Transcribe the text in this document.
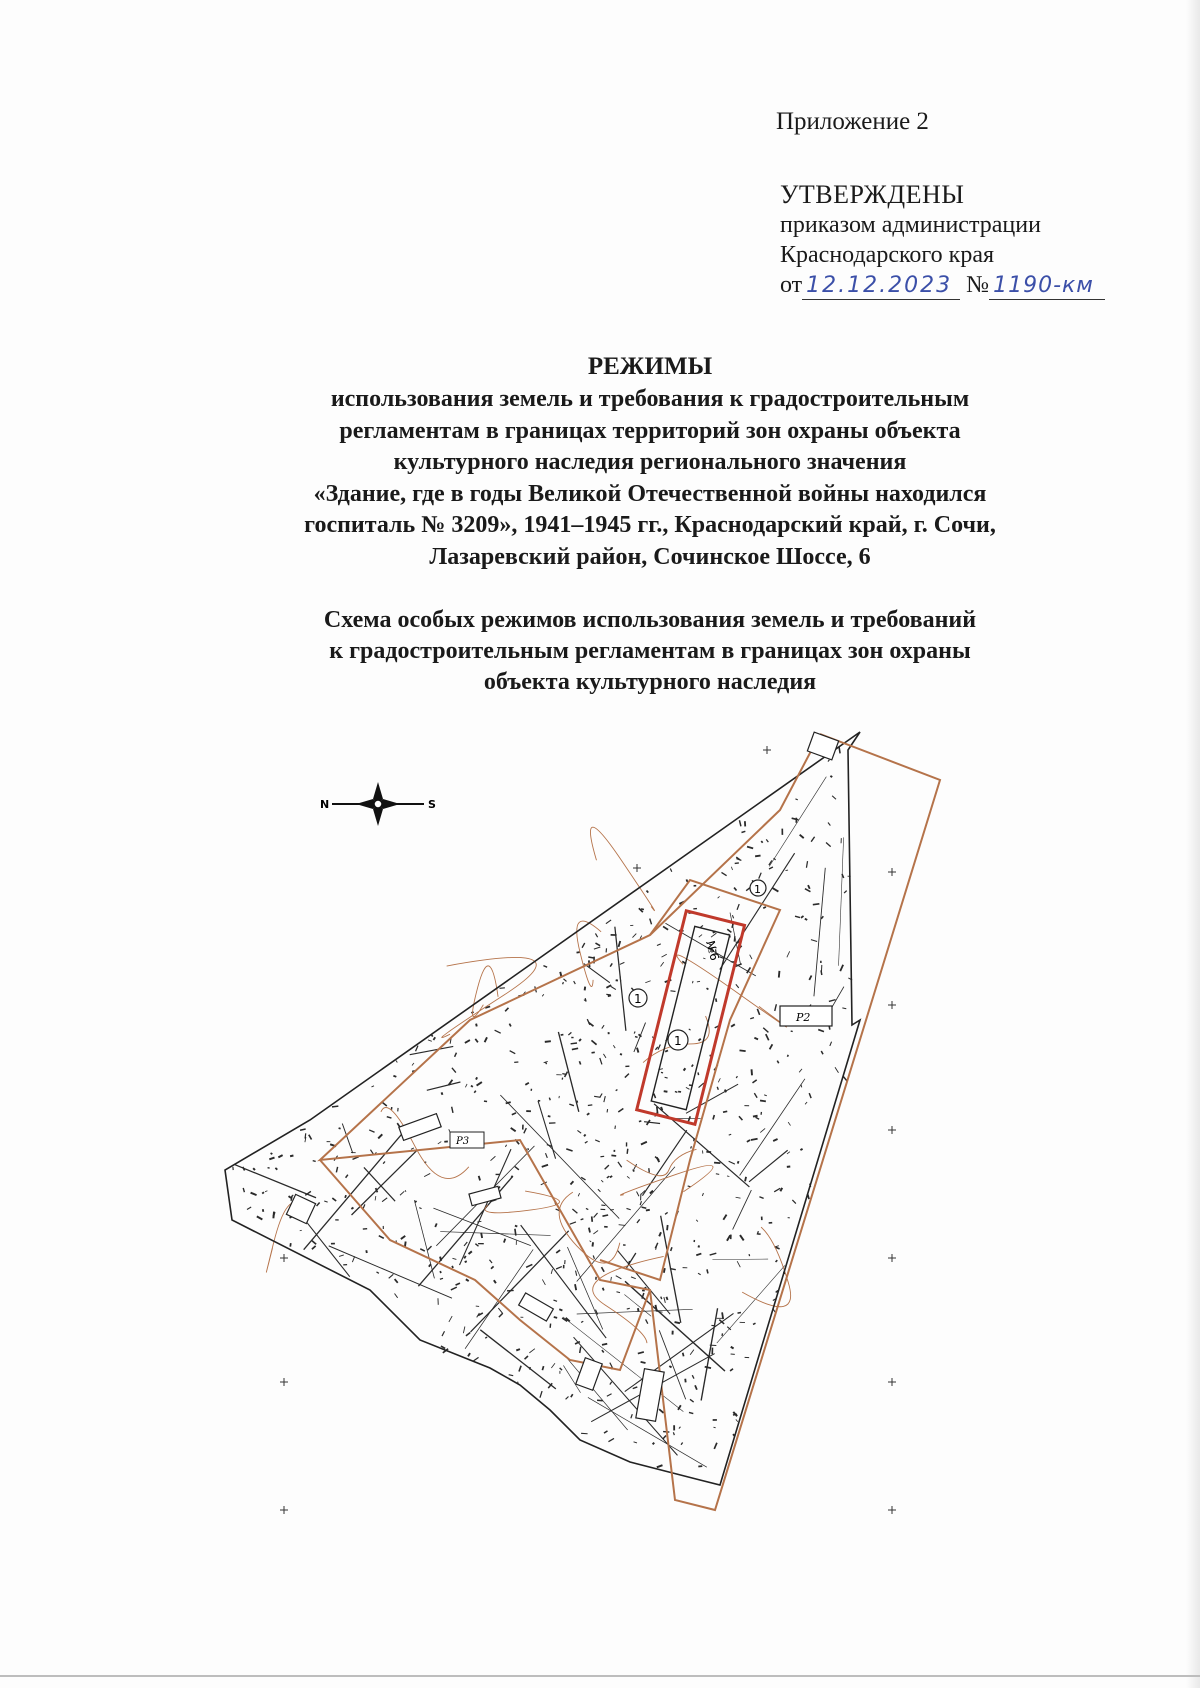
Приложение 2
УТВЕРЖДЕНЫ
приказом администрации
Краснодарского края
от 12.12.2023 № 1190-км
РЕЖИМЫ
использования земель и требования к градостроительным
регламентам в границах территорий зон охраны объекта
культурного наследия регионального значения
«Здание, где в годы Великой Отечественной войны находился
госпиталь № 3209», 1941–1945 гг., Краснодарский край, г. Сочи,
Лазаревский район, Сочинское Шоссе, 6
Схема особых режимов использования земель и требований
к градостроительным регламентам в границах зон охраны
объекта культурного наследия
N	S
1
1
1
№6
Р2
Р3
